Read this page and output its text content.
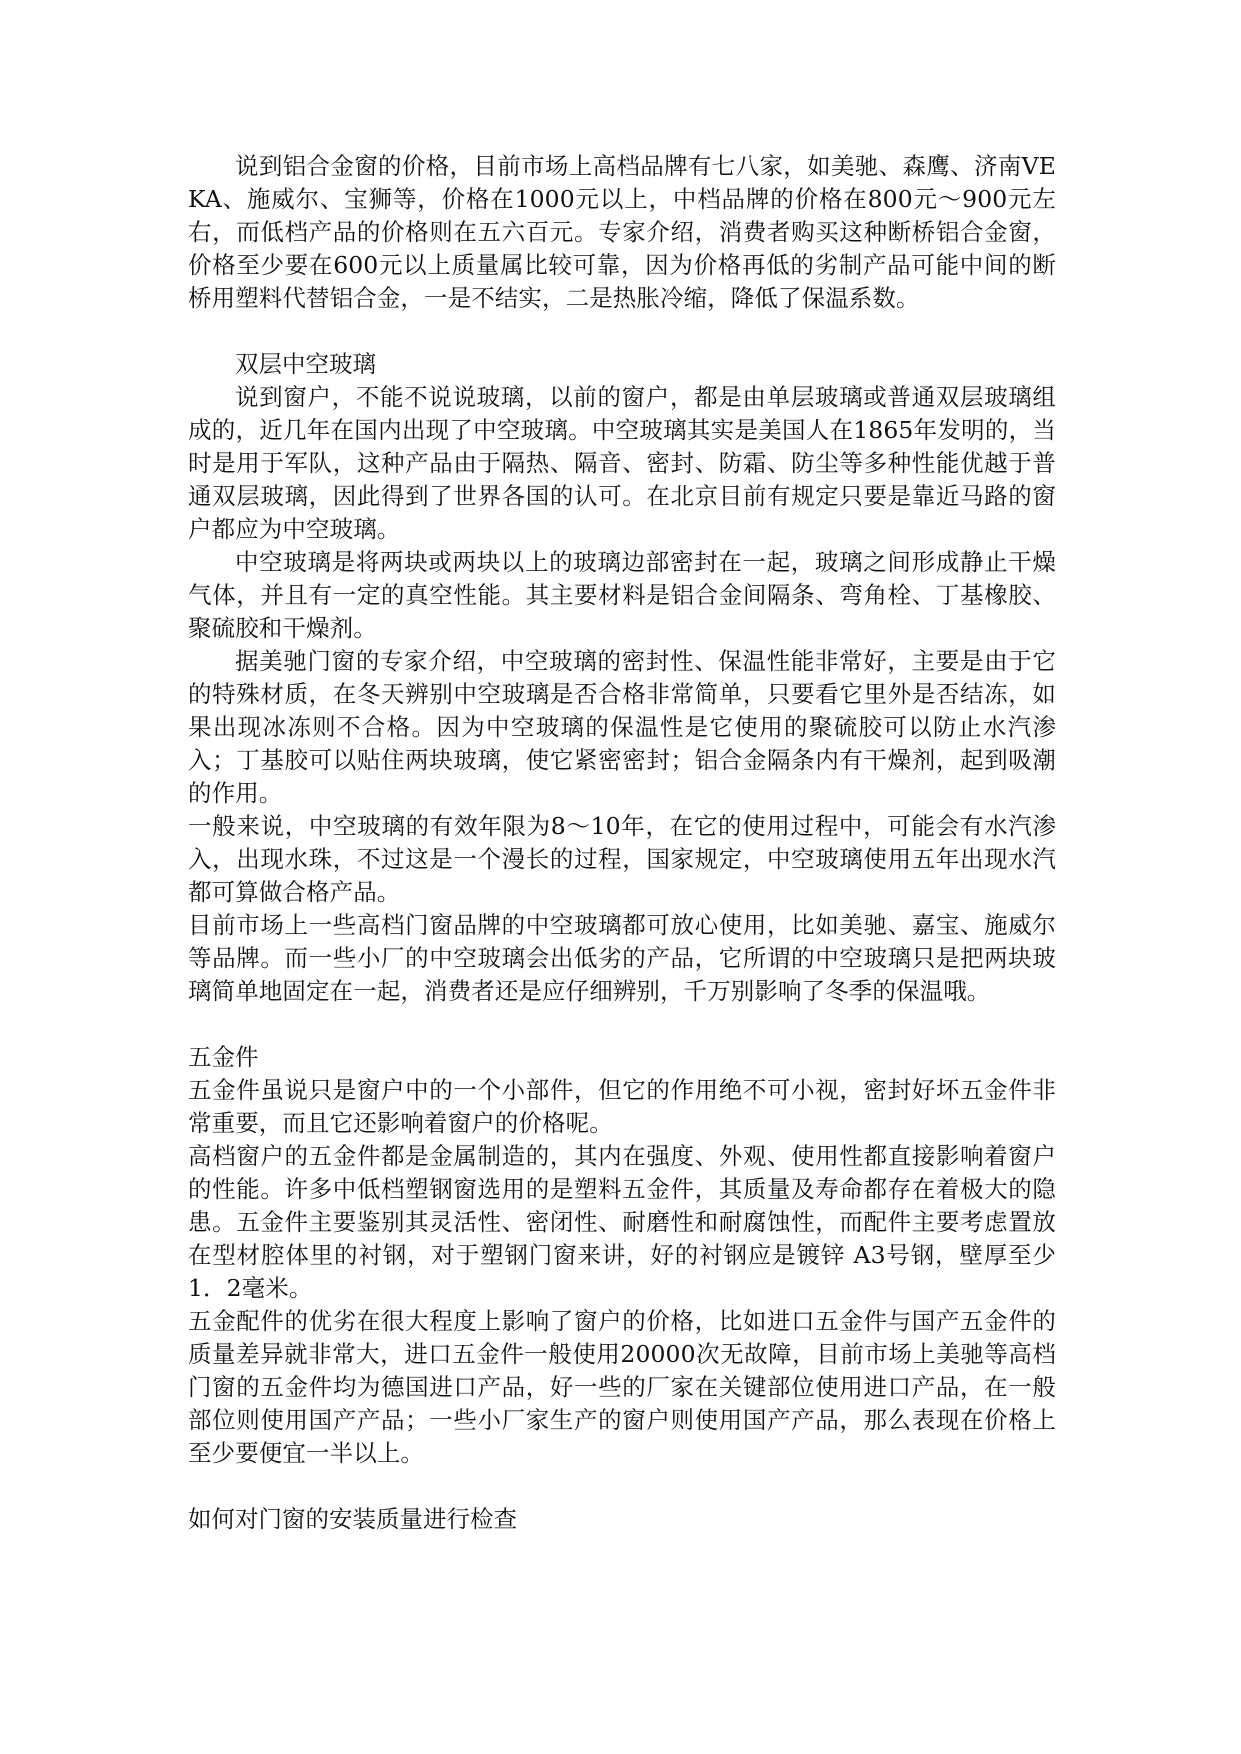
说到铝合金窗的价格，目前市场上高档品牌有七八家，如美驰、森鹰、济南VEKA、施威尔、宝狮等，价格在1000元以上，中档品牌的价格在800元～900元左右，而低档产品的价格则在五六百元。专家介绍，消费者购买这种断桥铝合金窗，价格至少要在600元以上质量属比较可靠，因为价格再低的劣制产品可能中间的断桥用塑料代替铝合金，一是不结实，二是热胀冷缩，降低了保温系数。

双层中空玻璃

说到窗户，不能不说说玻璃，以前的窗户，都是由单层玻璃或普通双层玻璃组成的，近几年在国内出现了中空玻璃。中空玻璃其实是美国人在1865年发明的，当时是用于军队，这种产品由于隔热、隔音、密封、防霜、防尘等多种性能优越于普通双层玻璃，因此得到了世界各国的认可。在北京目前有规定只要是靠近马路的窗户都应为中空玻璃。

中空玻璃是将两块或两块以上的玻璃边部密封在一起，玻璃之间形成静止干燥气体，并且有一定的真空性能。其主要材料是铝合金间隔条、弯角栓、丁基橡胶、聚硫胶和干燥剂。

据美驰门窗的专家介绍，中空玻璃的密封性、保温性能非常好，主要是由于它的特殊材质，在冬天辨别中空玻璃是否合格非常简单，只要看它里外是否结冻，如果出现冰冻则不合格。因为中空玻璃的保温性是它使用的聚硫胶可以防止水汽渗入；丁基胶可以贴住两块玻璃，使它紧密密封；铝合金隔条内有干燥剂，起到吸潮的作用。

一般来说，中空玻璃的有效年限为8～10年，在它的使用过程中，可能会有水汽渗入，出现水珠，不过这是一个漫长的过程，国家规定，中空玻璃使用五年出现水汽都可算做合格产品。

目前市场上一些高档门窗品牌的中空玻璃都可放心使用，比如美驰、嘉宝、施威尔等品牌。而一些小厂的中空玻璃会出低劣的产品，它所谓的中空玻璃只是把两块玻璃简单地固定在一起，消费者还是应仔细辨别，千万别影响了冬季的保温哦。

五金件

五金件虽说只是窗户中的一个小部件，但它的作用绝不可小视，密封好坏五金件非常重要，而且它还影响着窗户的价格呢。

高档窗户的五金件都是金属制造的，其内在强度、外观、使用性都直接影响着窗户的性能。许多中低档塑钢窗选用的是塑料五金件，其质量及寿命都存在着极大的隐患。五金件主要鉴别其灵活性、密闭性、耐磨性和耐腐蚀性，而配件主要考虑置放在型材腔体里的衬钢，对于塑钢门窗来讲，好的衬钢应是镀锌 A3号钢，壁厚至少1．2毫米。

五金配件的优劣在很大程度上影响了窗户的价格，比如进口五金件与国产五金件的质量差异就非常大，进口五金件一般使用20000次无故障，目前市场上美驰等高档门窗的五金件均为德国进口产品，好一些的厂家在关键部位使用进口产品，在一般部位则使用国产产品；一些小厂家生产的窗户则使用国产产品，那么表现在价格上至少要便宜一半以上。

如何对门窗的安装质量进行检查
